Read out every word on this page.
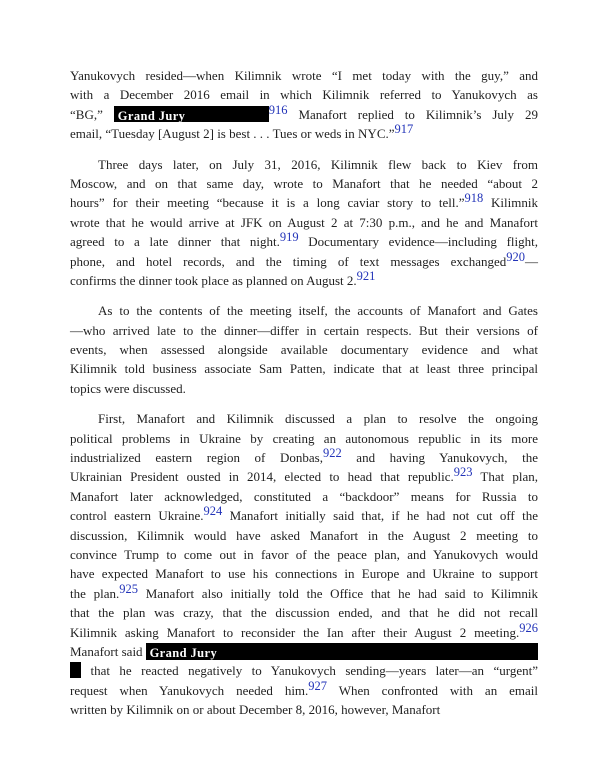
Yanukovych resided—when Kilimnik wrote “I met today with the guy,” and
with a December 2016 email in which Kilimnik referred to Yanukovych as
“BG,” Grand Jury	916 Manafort replied to Kilimnik’s July 29
email, “Tuesday [August 2] is best . . . Tues or weds in NYC.”917
Three days later, on July 31, 2016, Kilimnik flew back to Kiev from
Moscow, and on that same day, wrote to Manafort that he needed “about 2
hours” for their meeting “because it is a long caviar story to tell.”918 Kilimnik
wrote that he would arrive at JFK on August 2 at 7:30 p.m., and he and Manafort
agreed to a late dinner that night.919 Documentary evidence—including flight,
phone, and hotel records, and the timing of text messages exchanged920—
confirms the dinner took place as planned on August 2.921
As to the contents of the meeting itself, the accounts of Manafort and Gates
—who arrived late to the dinner—differ in certain respects. But their versions of
events, when assessed alongside available documentary evidence and what
Kilimnik told business associate Sam Patten, indicate that at least three principal
topics were discussed.
First, Manafort and Kilimnik discussed a plan to resolve the ongoing
political problems in Ukraine by creating an autonomous republic in its more
industrialized eastern region of Donbas,922 and having Yanukovych, the
Ukrainian President ousted in 2014, elected to head that republic.923 That plan,
Manafort later acknowledged, constituted a “backdoor” means for Russia to
control eastern Ukraine.924 Manafort initially said that, if he had not cut off the
discussion, Kilimnik would have asked Manafort in the August 2 meeting to
convince Trump to come out in favor of the peace plan, and Yanukovych would
have expected Manafort to use his connections in Europe and Ukraine to support
the plan.925 Manafort also initially told the Office that he had said to Kilimnik
that the plan was crazy, that the discussion ended, and that he did not recall
Kilimnik asking Manafort to reconsider the Ian after their August 2 meeting.926
Manafort said Grand Jury
that he reacted negatively to Yanukovych sending—years later—an “urgent”
request when Yanukovych needed him.927 When confronted with an email
written by Kilimnik on or about December 8, 2016, however, Manafort
